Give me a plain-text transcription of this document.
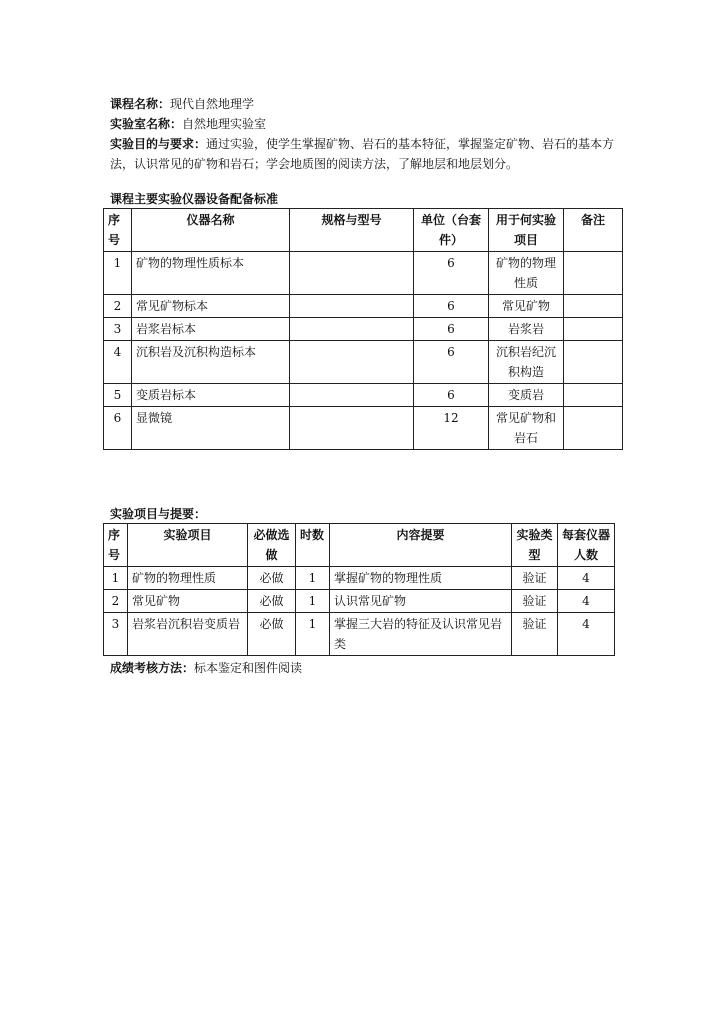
课程名称：现代自然地理学
实验室名称：自然地理实验室
实验目的与要求：通过实验，使学生掌握矿物、岩石的基本特征，掌握鉴定矿物、岩石的基本方法，认识常见的矿物和岩石；学会地质图的阅读方法，了解地层和地层划分。
课程主要实验仪器设备配备标准
序号	仪器名称	规格与型号	单位（台套件）	用于何实验项目	备注
1	矿物的物理性质标本		6	矿物的物理性质	
2	常见矿物标本		6	常见矿物	
3	岩浆岩标本		6	岩浆岩	
4	沉积岩及沉积构造标本		6	沉积岩纪沉积构造	
5	变质岩标本		6	变质岩	
6	显微镜		12	常见矿物和岩石	
实验项目与提要：
序号	实验项目	必做选做	时数	内容提要	实验类型	每套仪器人数
1	矿物的物理性质	必做	1	掌握矿物的物理性质	验证	4
2	常见矿物	必做	1	认识常见矿物	验证	4
3	岩浆岩沉积岩变质岩	必做	1	掌握三大岩的特征及认识常见岩类	验证	4
成绩考核方法：标本鉴定和图件阅读
